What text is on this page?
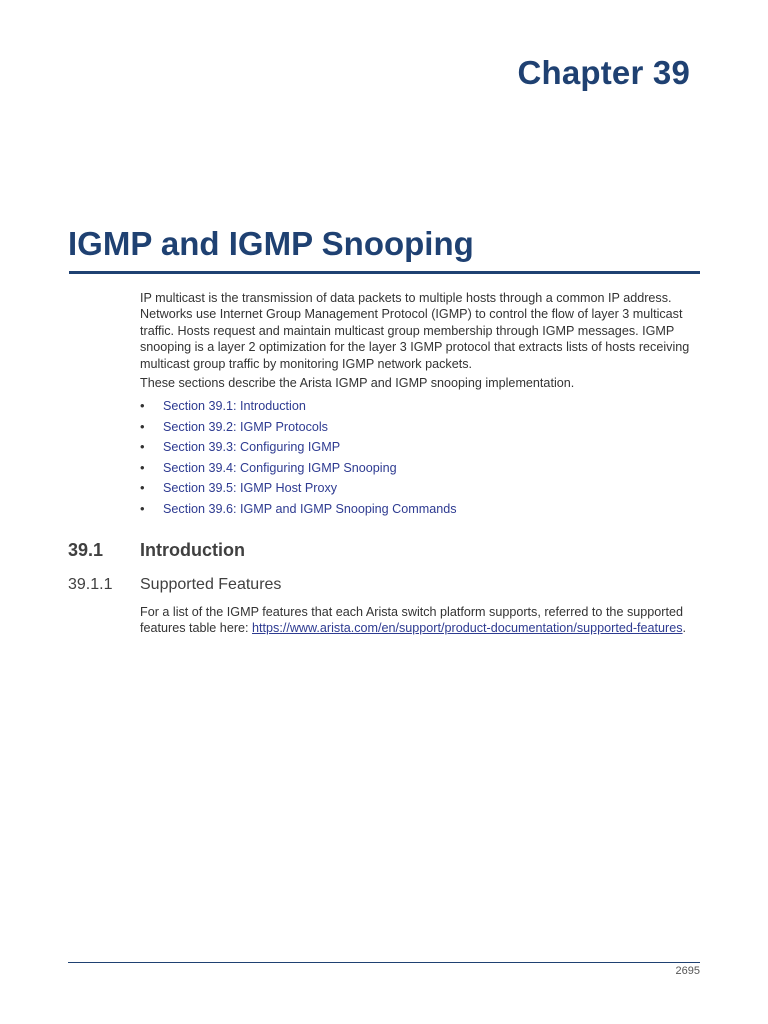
Chapter 39
IGMP and IGMP Snooping

IP multicast is the transmission of data packets to multiple hosts through a common IP address. Networks use Internet Group Management Protocol (IGMP) to control the flow of layer 3 multicast traffic. Hosts request and maintain multicast group membership through IGMP messages. IGMP snooping is a layer 2 optimization for the layer 3 IGMP protocol that extracts lists of hosts receiving multicast group traffic by monitoring IGMP network packets.

These sections describe the Arista IGMP and IGMP snooping implementation.

• Section 39.1: Introduction
• Section 39.2: IGMP Protocols
• Section 39.3: Configuring IGMP
• Section 39.4: Configuring IGMP Snooping
• Section 39.5: IGMP Host Proxy
• Section 39.6: IGMP and IGMP Snooping Commands
39.1 Introduction
39.1.1 Supported Features

For a list of the IGMP features that each Arista switch platform supports, referred to the supported features table here: https://www.arista.com/en/support/product-documentation/supported-features.

2695
